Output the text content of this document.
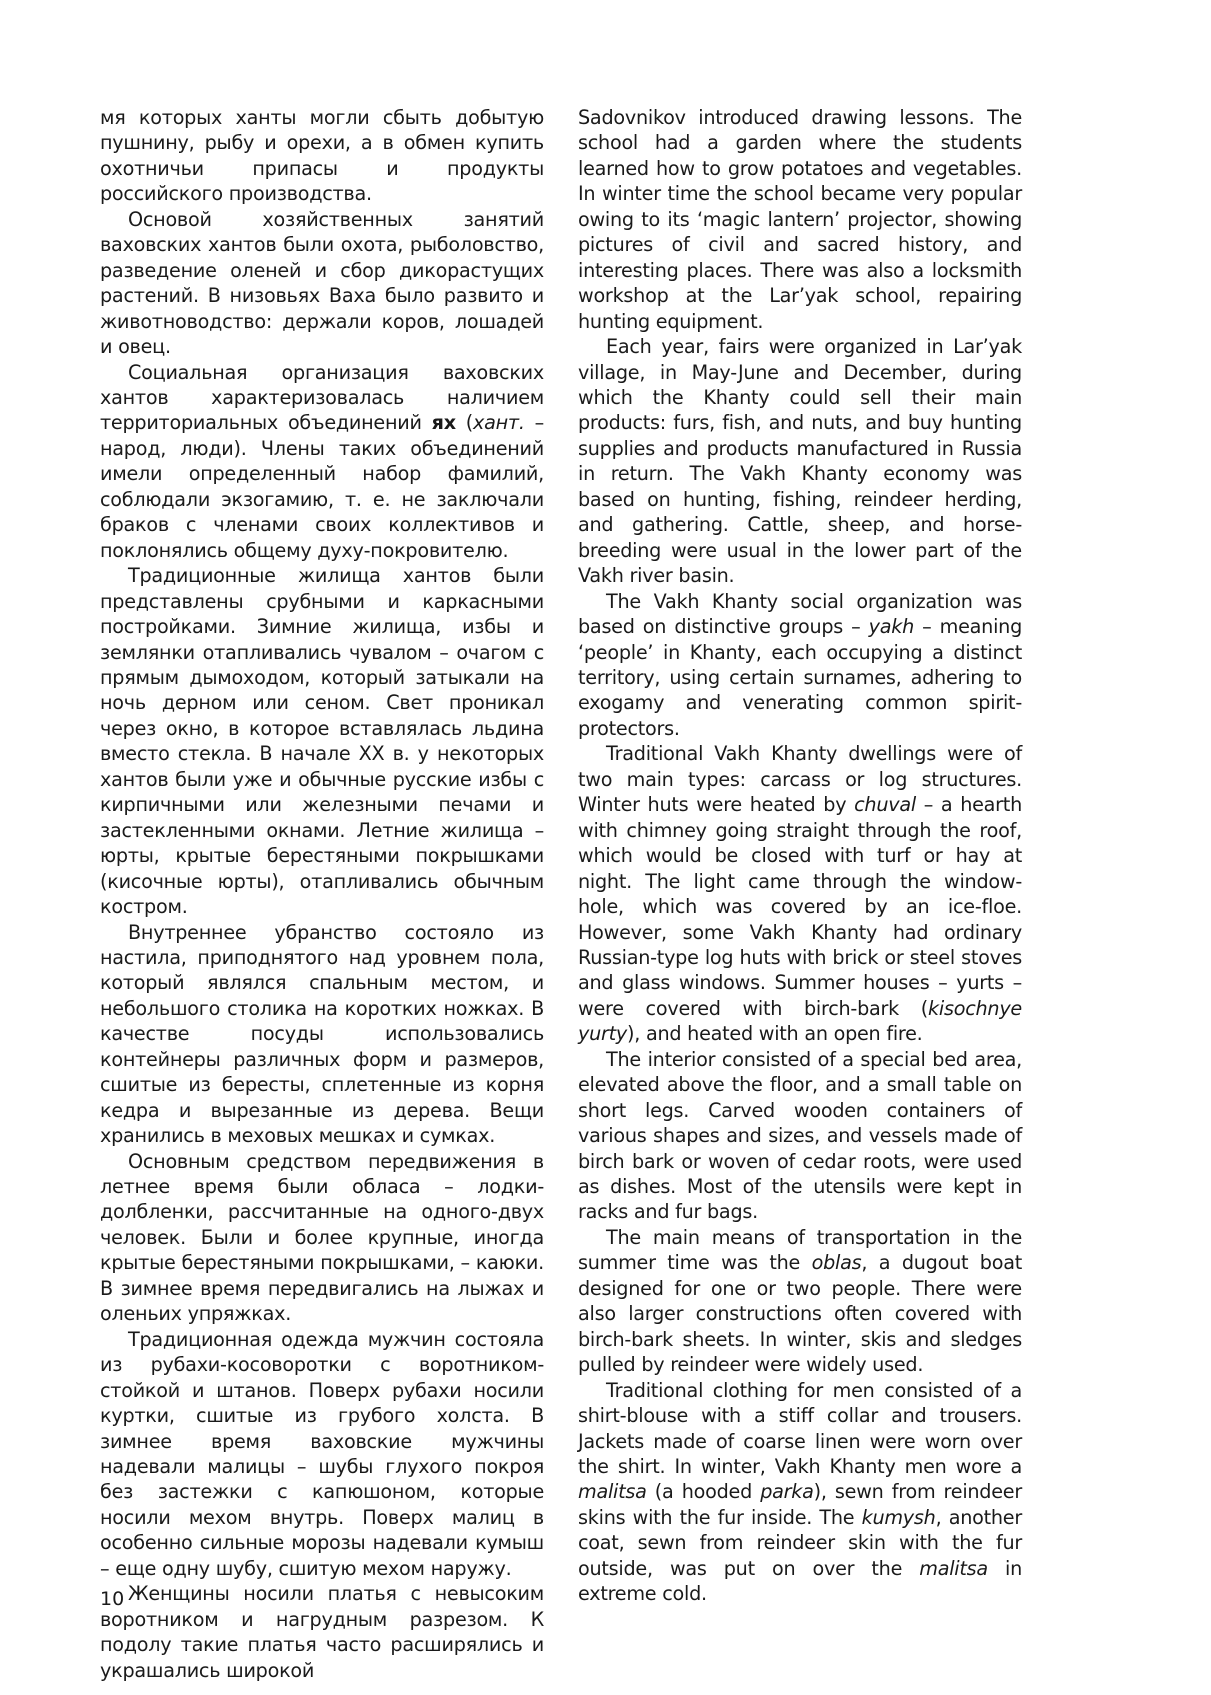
мя которых ханты могли сбыть добытую пушнину, рыбу и орехи, а в обмен купить охотничьи припасы и продукты российского производства.

Основой хозяйственных занятий ваховских хантов были охота, рыболовство, разведение оленей и сбор дикорастущих растений. В низовьях Ваха было развито и животноводство: держали коров, лошадей и овец.

Социальная организация ваховских хантов характеризовалась наличием территориальных объединений ях (хант. – народ, люди). Члены таких объединений имели определенный набор фамилий, соблюдали экзогамию, т. е. не заключали браков с членами своих коллективов и поклонялись общему духу-покровителю.

Традиционные жилища хантов были представлены срубными и каркасными постройками. Зимние жилища, избы и землянки отапливались чувалом – очагом с прямым дымоходом, который затыкали на ночь дерном или сеном. Свет проникал через окно, в которое вставлялась льдина вместо стекла. В начале XX в. у некоторых хантов были уже и обычные русские избы с кирпичными или железными печами и застекленными окнами. Летние жилища – юрты, крытые берестяными покрышками (кисочные юрты), отапливались обычным костром.

Внутреннее убранство состояло из настила, приподнятого над уровнем пола, который являлся спальным местом, и небольшого столика на коротких ножках. В качестве посуды использовались контейнеры различных форм и размеров, сшитые из бересты, сплетенные из корня кедра и вырезанные из дерева. Вещи хранились в меховых мешках и сумках.

Основным средством передвижения в летнее время были обласа – лодки-долбленки, рассчитанные на одного-двух человек. Были и более крупные, иногда крытые берестяными покрышками, – каюки. В зимнее время передвигались на лыжах и оленьих упряжках.

Традиционная одежда мужчин состояла из рубахи-косоворотки с воротником-стойкой и штанов. Поверх рубахи носили куртки, сшитые из грубого холста. В зимнее время ваховские мужчины надевали малицы – шубы глухого покроя без застежки с капюшоном, которые носили мехом внутрь. Поверх малиц в особенно сильные морозы надевали кумыш – еще одну шубу, сшитую мехом наружу.

Женщины носили платья с невысоким воротником и нагрудным разрезом. К подолу такие платья часто расширялись и украшались широкой

Sadovnikov introduced drawing lessons. The school had a garden where the students learned how to grow potatoes and vegetables. In winter time the school became very popular owing to its ‘magic lantern’ projector, showing pictures of civil and sacred history, and interesting places. There was also a locksmith workshop at the Lar’yak school, repairing hunting equipment.

Each year, fairs were organized in Lar’yak village, in May-June and December, during which the Khanty could sell their main products: furs, fish, and nuts, and buy hunting supplies and products manufactured in Russia in return. The Vakh Khanty economy was based on hunting, fishing, reindeer herding, and gathering. Cattle, sheep, and horse-breeding were usual in the lower part of the Vakh river basin.

The Vakh Khanty social organization was based on distinctive groups – yakh – meaning ‘people’ in Khanty, each occupying a distinct territory, using certain surnames, adhering to exogamy and venerating common spirit-protectors.

Traditional Vakh Khanty dwellings were of two main types: carcass or log structures. Winter huts were heated by chuval – a hearth with chimney going straight through the roof, which would be closed with turf or hay at night. The light came through the window-hole, which was covered by an ice-floe. However, some Vakh Khanty had ordinary Russian-type log huts with brick or steel stoves and glass windows. Summer houses – yurts – were covered with birch-bark (kisochnye yurty), and heated with an open fire.

The interior consisted of a special bed area, elevated above the floor, and a small table on short legs. Carved wooden containers of various shapes and sizes, and vessels made of birch bark or woven of cedar roots, were used as dishes. Most of the utensils were kept in racks and fur bags.

The main means of transportation in the summer time was the oblas, a dugout boat designed for one or two people. There were also larger constructions often covered with birch-bark sheets. In winter, skis and sledges pulled by reindeer were widely used.

Traditional clothing for men consisted of a shirt-blouse with a stiff collar and trousers. Jackets made of coarse linen were worn over the shirt. In winter, Vakh Khanty men wore a malitsa (a hooded parka), sewn from reindeer skins with the fur inside. The kumysh, another coat, sewn from reindeer skin with the fur outside, was put on over the malitsa in extreme cold.

10
